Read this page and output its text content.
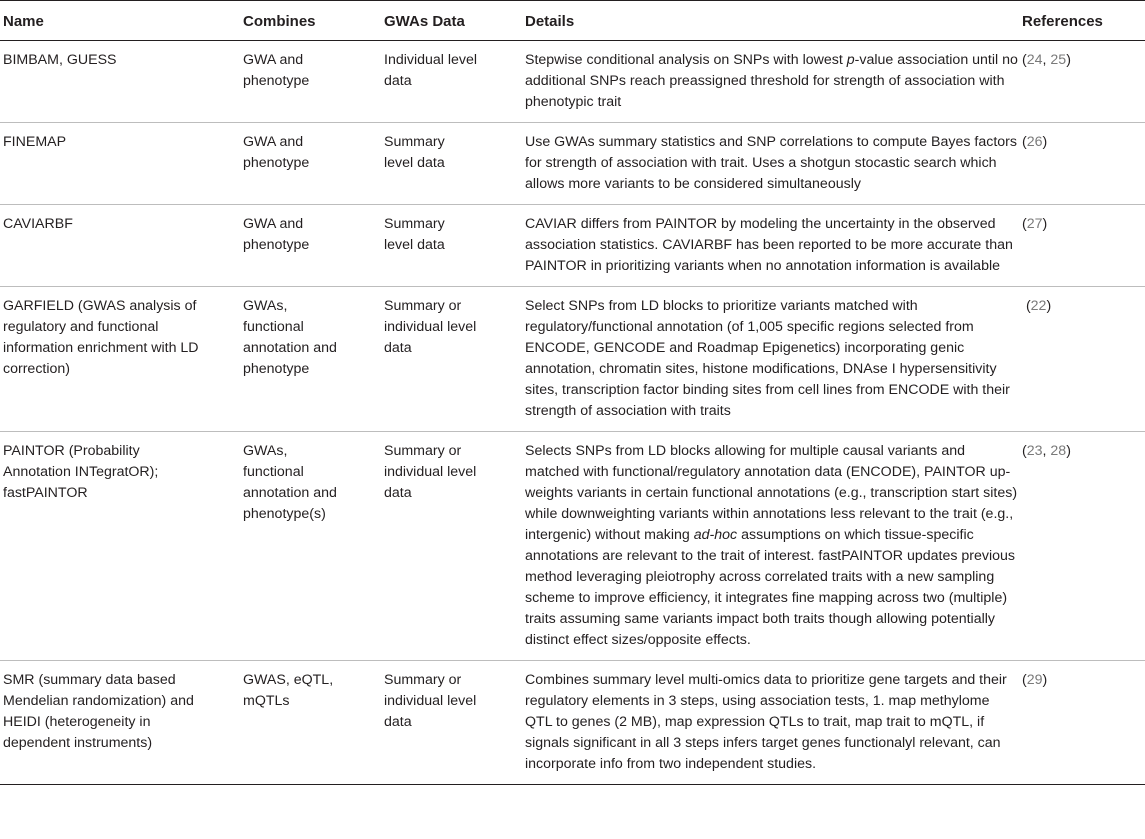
Name	Combines	GWAs Data	Details	References
BIMBAM, GUESS	GWA and phenotype	Individual level data	Stepwise conditional analysis on SNPs with lowest p-value association until no additional SNPs reach preassigned threshold for strength of association with phenotypic trait	(24, 25)
FINEMAP	GWA and phenotype	Summary level data	Use GWAs summary statistics and SNP correlations to compute Bayes factors for strength of association with trait. Uses a shotgun stocastic search which allows more variants to be considered simultaneously	(26)
CAVIARBF	GWA and phenotype	Summary level data	CAVIAR differs from PAINTOR by modeling the uncertainty in the observed association statistics. CAVIARBF has been reported to be more accurate than PAINTOR in prioritizing variants when no annotation information is available	(27)

GARFIELD (GWAS analysis of regulatory and functional information enrichment with LD correction)	GWAs, functional annotation and phenotype	Summary or individual level data	Select SNPs from LD blocks to prioritize variants matched with regulatory/functional annotation (of 1,005 specific regions selected from ENCODE, GENCODE and Roadmap Epigenetics) incorporating genic annotation, chromatin sites, histone modifications, DNAse I hypersensitivity sites, transcription factor binding sites from cell lines from ENCODE with their strength of association with traits	(22)

PAINTOR (Probability Annotation INTegratOR); fastPAINTOR	GWAs, functional annotation and phenotype(s)	Summary or individual level data	Selects SNPs from LD blocks allowing for multiple causal variants and matched with functional/regulatory annotation data (ENCODE), PAINTOR up-weights variants in certain functional annotations (e.g., transcription start sites) while downweighting variants within annotations less relevant to the trait (e.g., intergenic) without making ad-hoc assumptions on which tissue-specific annotations are relevant to the trait of interest. fastPAINTOR updates previous method leveraging pleiotrophy across correlated traits with a new sampling scheme to improve efficiency, it integrates fine mapping across two (multiple) traits assuming same variants impact both traits though allowing potentially distinct effect sizes/opposite effects.	(23, 28)

SMR (summary data based Mendelian randomization) and HEIDI (heterogeneity in dependent instruments)	GWAS, eQTL, mQTLs	Summary or individual level data	Combines summary level multi-omics data to prioritize gene targets and their regulatory elements in 3 steps, using association tests, 1. map methylome QTL to genes (2 MB), map expression QTLs to trait, map trait to mQTL, if signals significant in all 3 steps infers target genes functionalyl relevant, can incorporate info from two independent studies.	(29)
